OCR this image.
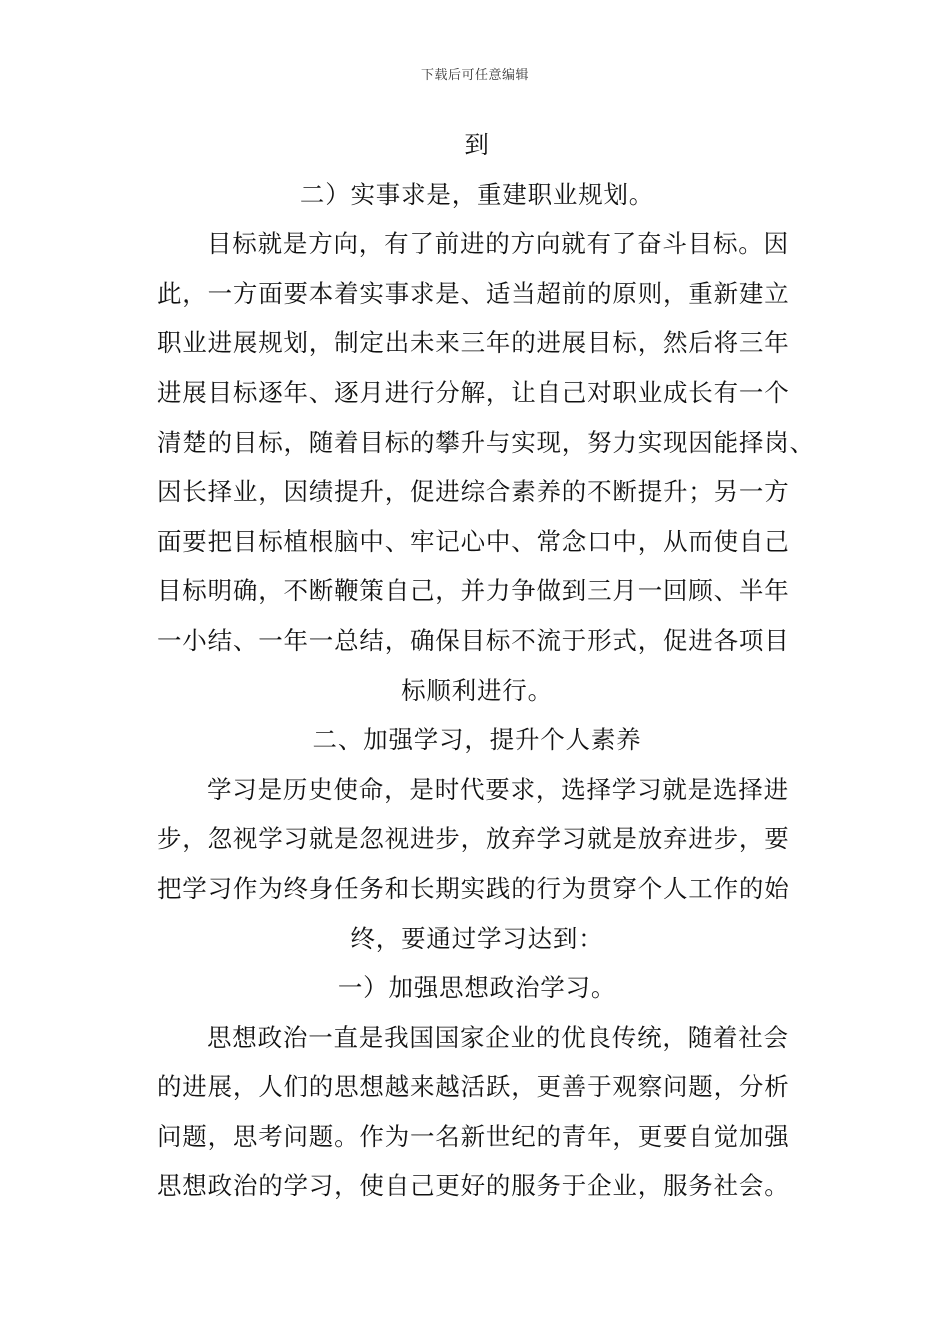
下载后可任意编辑
到
二）实事求是，重建职业规划。
目标就是方向，有了前进的方向就有了奋斗目标。因
此，一方面要本着实事求是、适当超前的原则，重新建立
职业进展规划，制定出未来三年的进展目标，然后将三年
进展目标逐年、逐月进行分解，让自己对职业成长有一个
清楚的目标，随着目标的攀升与实现，努力实现因能择岗、
因长择业，因绩提升，促进综合素养的不断提升；另一方
面要把目标植根脑中、牢记心中、常念口中，从而使自己
目标明确，不断鞭策自己，并力争做到三月一回顾、半年
一小结、一年一总结，确保目标不流于形式，促进各项目
标顺利进行。
二、加强学习，提升个人素养
学习是历史使命，是时代要求，选择学习就是选择进
步，忽视学习就是忽视进步，放弃学习就是放弃进步，要
把学习作为终身任务和长期实践的行为贯穿个人工作的始
终，要通过学习达到：
一）加强思想政治学习。
思想政治一直是我国国家企业的优良传统，随着社会
的进展，人们的思想越来越活跃，更善于观察问题，分析
问题，思考问题。作为一名新世纪的青年，更要自觉加强
思想政治的学习，使自己更好的服务于企业，服务社会。
